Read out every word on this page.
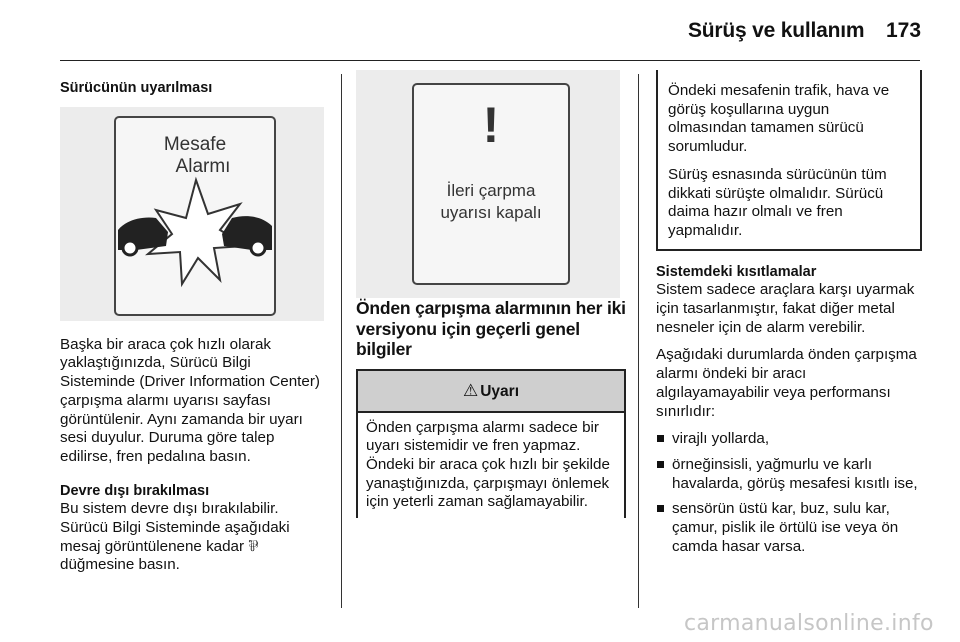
Sürüş ve kullanım 173

Sürücünün uyarılması

Mesafe
Alarmı

Başka bir araca çok hızlı olarak yaklaştığınızda, Sürücü Bilgi Sisteminde (Driver Information Center) çarpışma alarmı uyarısı sayfası görüntülenir. Aynı zamanda bir uyarı sesi duyulur. Duruma göre talep edilirse, fren pedalına basın.

Devre dışı bırakılması

Bu sistem devre dışı bırakılabilir. Sürücü Bilgi Sisteminde aşağıdaki mesaj görüntülenene kadar ⅌ düğmesine basın.

!
İleri çarpma
uyarısı kapalı

Önden çarpışma alarmının her iki versiyonu için geçerli genel bilgiler

⚠ Uyarı

Önden çarpışma alarmı sadece bir uyarı sistemidir ve fren yapmaz. Öndeki bir araca çok hızlı bir şekilde yanaştığınızda, çarpışmayı önlemek için yeterli zaman sağlamayabilir.

Öndeki mesafenin trafik, hava ve görüş koşullarına uygun olmasından tamamen sürücü sorumludur.

Sürüş esnasında sürücünün tüm dikkati sürüşte olmalıdır. Sürücü daima hazır olmalı ve fren yapmalıdır.

Sistemdeki kısıtlamalar

Sistem sadece araçlara karşı uyarmak için tasarlanmıştır, fakat diğer metal nesneler için de alarm verebilir.

Aşağıdaki durumlarda önden çarpışma alarmı öndeki bir aracı algılayamayabilir veya performansı sınırlıdır:

virajlı yollarda,
örneğinsisli, yağmurlu ve karlı havalarda, görüş mesafesi kısıtlı ise,
sensörün üstü kar, buz, sulu kar, çamur, pislik ile örtülü ise veya ön camda hasar varsa.
carmanualsonline.info
